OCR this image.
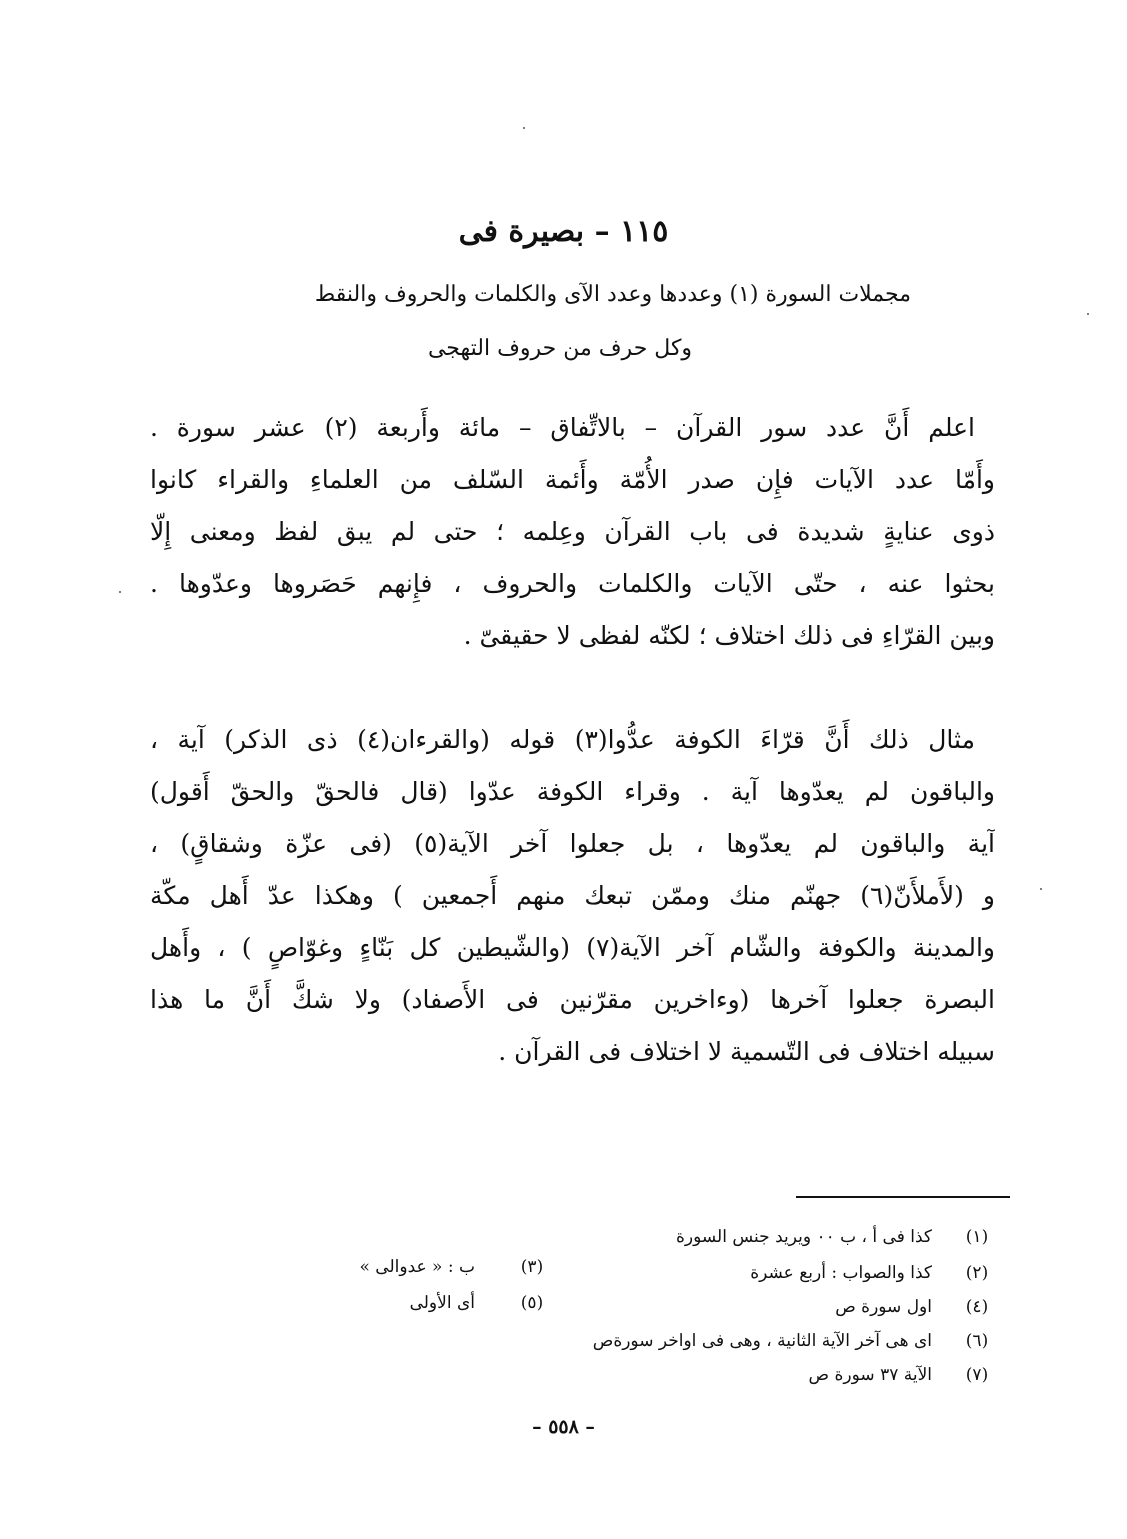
١١٥ – بصيرة فى
مجملات السورة (١) وعددها وعدد الآى والكلمات والحروف والنقط
وكل حرف من حروف التهجى
اعلم أَنَّ عدد سور القرآن – بالاتِّفاق – مائة وأَربعة (٢) عشر سورة .
وأَمّا عدد الآيات فإِن صدر الأُمّة وأَئمة السّلف من العلماءِ والقراء كانوا
ذوى عنايةٍ شديدة فى باب القرآن وعِلمه ؛ حتى لم يبق لفظ ومعنى إِلّا
بحثوا عنه ، حتّى الآيات والكلمات والحروف ، فإِنهم حَصَروها وعدّوها .
وبين القرّاءِ فى ذلك اختلاف ؛ لكنّه لفظى لا حقيقىّ .
مثال ذلك أَنَّ قرّاءَ الكوفة عدُّوا(٣) قوله (والقرءان(٤) ذى الذكر) آية ،
والباقون لم يعدّوها آية . وقراء الكوفة عدّوا (قال فالحقّ والحقّ أَقول)
آية والباقون لم يعدّوها ، بل جعلوا آخر الآية(٥) (فى عزّة وشقاقٍ) ،
و (لأَملأَنّ(٦) جهنّم منك وممّن تبعك منهم أَجمعين ) وهكذا عدّ أَهل مكّة
والمدينة والكوفة والشّام آخر الآية(٧) (والشّيطين كل بَنّاءٍ وغوّاصٍ ) ، وأَهل
البصرة جعلوا آخرها (وءاخرين مقرّنين فى الأَصفاد) ولا شكَّ أَنَّ ما هذا
سبيله اختلاف فى التّسمية لا اختلاف فى القرآن .
(١)
كذا فى أ ، ب ٠٠ ويريد جنس السورة
(٢)
كذا والصواب : أربع عشرة
(٣)
ب : « عدوالى »
(٤)
اول سورة ص
(٥)
أى الأولى
(٦)
اى هى آخر الآية الثانية ، وهى فى اواخر سورةص
(٧)
الآية ٣٧ سورة ص
– ٥٥٨ –
